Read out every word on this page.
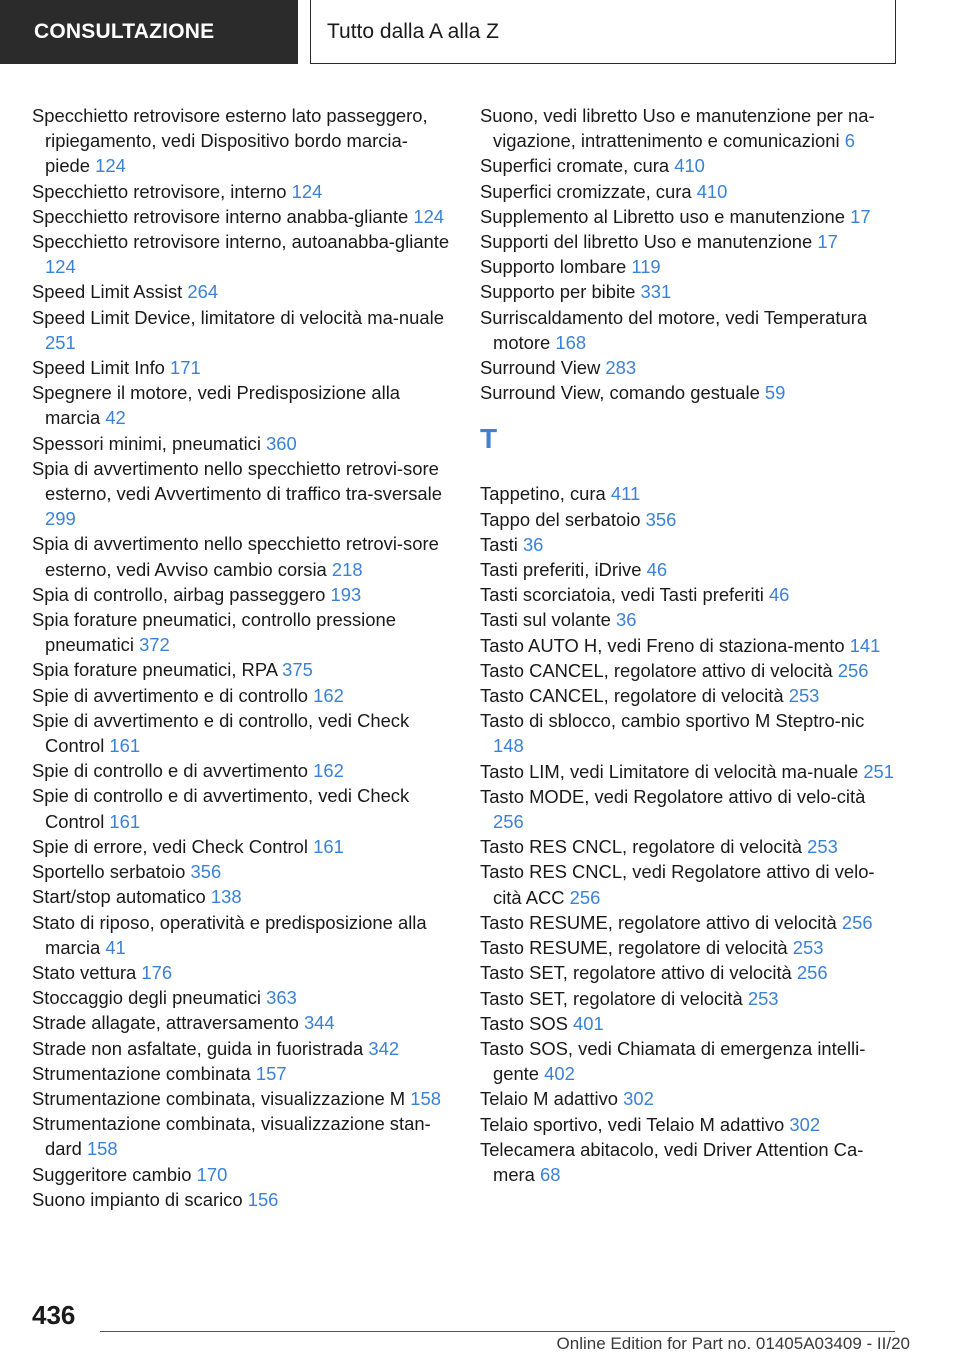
CONSULTAZIONE	Tutto dalla A alla Z
Specchietto retrovisore esterno lato passeggero, ripiegamento, vedi Dispositivo bordo marcia-piede 124
Specchietto retrovisore, interno 124
Specchietto retrovisore interno anabba-gliante 124
Specchietto retrovisore interno, autoanabba-gliante 124
Speed Limit Assist 264
Speed Limit Device, limitatore di velocità ma-nuale 251
Speed Limit Info 171
Spegnere il motore, vedi Predisposizione alla marcia 42
Spessori minimi, pneumatici 360
Spia di avvertimento nello specchietto retrovi-sore esterno, vedi Avvertimento di traffico tra-sversale 299
Spia di avvertimento nello specchietto retrovi-sore esterno, vedi Avviso cambio corsia 218
Spia di controllo, airbag passeggero 193
Spia forature pneumatici, controllo pressione pneumatici 372
Spia forature pneumatici, RPA 375
Spie di avvertimento e di controllo 162
Spie di avvertimento e di controllo, vedi Check Control 161
Spie di controllo e di avvertimento 162
Spie di controllo e di avvertimento, vedi Check Control 161
Spie di errore, vedi Check Control 161
Sportello serbatoio 356
Start/stop automatico 138
Stato di riposo, operatività e predisposizione alla marcia 41
Stato vettura 176
Stoccaggio degli pneumatici 363
Strade allagate, attraversamento 344
Strade non asfaltate, guida in fuoristrada 342
Strumentazione combinata 157
Strumentazione combinata, visualizzazione M 158
Strumentazione combinata, visualizzazione stan-dard 158
Suggeritore cambio 170
Suono impianto di scarico 156
Suono, vedi libretto Uso e manutenzione per na-vigazione, intrattenimento e comunicazioni 6
Superfici cromate, cura 410
Superfici cromizzate, cura 410
Supplemento al Libretto uso e manutenzione 17
Supporti del libretto Uso e manutenzione 17
Supporto lombare 119
Supporto per bibite 331
Surriscaldamento del motore, vedi Temperatura motore 168
Surround View 283
Surround View, comando gestuale 59
T
Tappetino, cura 411
Tappo del serbatoio 356
Tasti 36
Tasti preferiti, iDrive 46
Tasti scorciatoia, vedi Tasti preferiti 46
Tasti sul volante 36
Tasto AUTO H, vedi Freno di staziona-mento 141
Tasto CANCEL, regolatore attivo di velocità 256
Tasto CANCEL, regolatore di velocità 253
Tasto di sblocco, cambio sportivo M Steptro-nic 148
Tasto LIM, vedi Limitatore di velocità ma-nuale 251
Tasto MODE, vedi Regolatore attivo di velo-cità 256
Tasto RES CNCL, regolatore di velocità 253
Tasto RES CNCL, vedi Regolatore attivo di velo-cità ACC 256
Tasto RESUME, regolatore attivo di velocità 256
Tasto RESUME, regolatore di velocità 253
Tasto SET, regolatore attivo di velocità 256
Tasto SET, regolatore di velocità 253
Tasto SOS 401
Tasto SOS, vedi Chiamata di emergenza intelli-gente 402
Telaio M adattivo 302
Telaio sportivo, vedi Telaio M adattivo 302
Telecamera abitacolo, vedi Driver Attention Ca-mera 68
436
Online Edition for Part no. 01405A03409 - II/20
